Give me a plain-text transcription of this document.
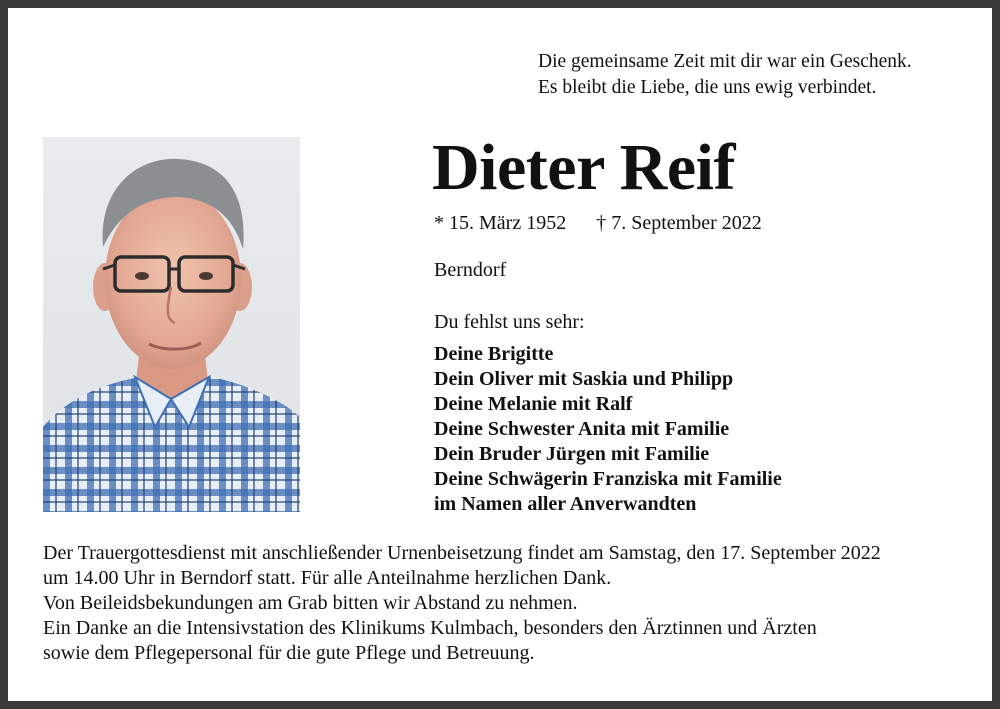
Die gemeinsame Zeit mit dir war ein Geschenk.
Es bleibt die Liebe, die uns ewig verbindet.
Dieter Reif
* 15. März 1952 † 7. September 2022
Berndorf
Du fehlst uns sehr:
Deine Brigitte
Dein Oliver mit Saskia und Philipp
Deine Melanie mit Ralf
Deine Schwester Anita mit Familie
Dein Bruder Jürgen mit Familie
Deine Schwägerin Franziska mit Familie
im Namen aller Anverwandten
Der Trauergottesdienst mit anschließender Urnenbeisetzung findet am Samstag, den 17. September 2022
um 14.00 Uhr in Berndorf statt. Für alle Anteilnahme herzlichen Dank.
Von Beileidsbekundungen am Grab bitten wir Abstand zu nehmen.
Ein Danke an die Intensivstation des Klinikums Kulmbach, besonders den Ärztinnen und Ärzten
sowie dem Pflegepersonal für die gute Pflege und Betreuung.
